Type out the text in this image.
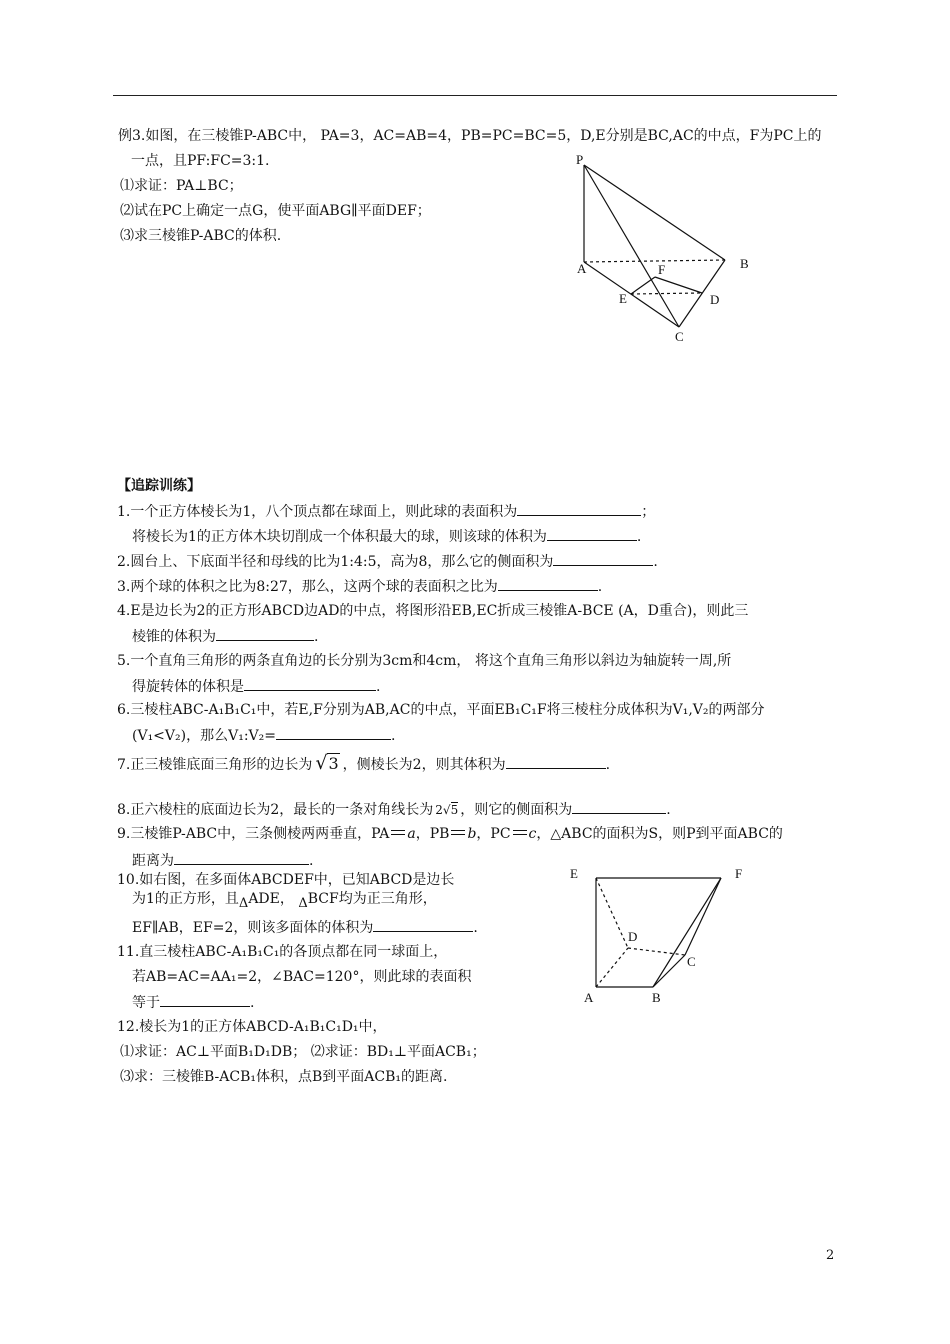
例3.如图，在三棱锥P-ABC中， PA=3，AC=AB=4，PB=PC=BC=5，D,E分别是BC,AC的中点，F为PC上的
一点，且PF:FC=3:1.
⑴求证：PA⊥BC；
⑵试在PC上确定一点G，使平面ABG∥平面DEF；
⑶求三棱锥P-ABC的体积.
P
A	B
F
E	D
C
【追踪训练】
1.一个正方体棱长为1，八个顶点都在球面上，则此球的表面积为	；
将棱长为1的正方体木块切削成一个体积最大的球，则该球的体积为	.
2.圆台上、下底面半径和母线的比为1:4:5，高为8，那么它的侧面积为	.
3.两个球的体积之比为8:27，那么，这两个球的表面积之比为	.
4.E是边长为2的正方形ABCD边AD的中点，将图形沿EB,EC折成三棱锥A-BCE (A，D重合)，则此三
棱锥的体积为	.
5.一个直角三角形的两条直角边的长分别为3cm和4cm， 将这个直角三角形以斜边为轴旋转一周,所
得旋转体的体积是	.
6.三棱柱ABC-A₁B₁C₁中，若E,F分别为AB,AC的中点，平面EB₁C₁F将三棱柱分成体积为V₁,V₂的两部分
(V₁<V₂)，那么V₁:V₂=	.
7.正三棱锥底面三角形的边长为 √3 ，侧棱长为2，则其体积为	.
8.正六棱柱的底面边长为2，最长的一条对角线长为 2√5 ，则它的侧面积为	.
9.三棱锥P-ABC中，三条侧棱两两垂直，PA a，PB b，PC c，△ABC的面积为S，则P到平面ABC的
距离为	.
10.如右图，在多面体ABCDEF中，已知ABCD是边长
为1的正方形，且$_\Delta$ADE， $_\Delta$BCF均为正三角形，
EF∥AB，EF=2，则该多面体的体积为	.
11.直三棱柱ABC-A₁B₁C₁的各顶点都在同一球面上，
若AB=AC=AA₁=2，∠BAC=120°，则此球的表面积
等于	.
12.棱长为1的正方体ABCD-A₁B₁C₁D₁中，
⑴求证：AC⊥平面B₁D₁DB； ⑵求证：BD₁⊥平面ACB₁；
⑶求：三棱锥B-ACB₁体积，点B到平面ACB₁的距离.
E	F
D
C
A	B
2
